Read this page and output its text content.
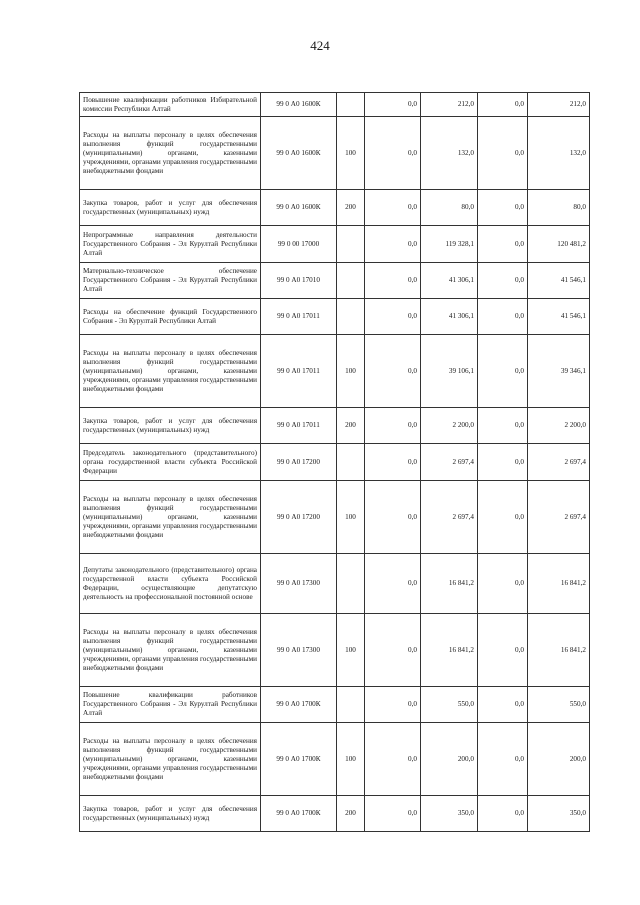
424
Повышение квалификации работников Избирательной комиссии Республики Алтай	99 0 А0 1600К		0,0	212,0	0,0	212,0
Расходы на выплаты персоналу в целях обеспечения выполнения функций государственными (муниципальными) органами, казенными учреждениями, органами управления государственными внебюджетными фондами	99 0 А0 1600К	100	0,0	132,0	0,0	132,0
Закупка товаров, работ и услуг для обеспечения государственных (муниципальных) нужд	99 0 А0 1600К	200	0,0	80,0	0,0	80,0
Непрограммные направления деятельности Государственного Собрания - Эл Курултай Республики Алтай	99 0 00 17000		0,0	119 328,1	0,0	120 481,2
Материально-техническое обеспечение Государственного Собрания - Эл Курултай Республики Алтай	99 0 А0 17010		0,0	41 306,1	0,0	41 546,1
Расходы на обеспечение функций Государственного Собрания - Эл Курултай Республики Алтай	99 0 А0 17011		0,0	41 306,1	0,0	41 546,1
Расходы на выплаты персоналу в целях обеспечения выполнения функций государственными (муниципальными) органами, казенными учреждениями, органами управления государственными внебюджетными фондами	99 0 А0 17011	100	0,0	39 106,1	0,0	39 346,1
Закупка товаров, работ и услуг для обеспечения государственных (муниципальных) нужд	99 0 А0 17011	200	0,0	2 200,0	0,0	2 200,0
Председатель законодательного (представительного) органа государственной власти субъекта Российской Федерации	99 0 А0 17200		0,0	2 697,4	0,0	2 697,4
Расходы на выплаты персоналу в целях обеспечения выполнения функций государственными (муниципальными) органами, казенными учреждениями, органами управления государственными внебюджетными фондами	99 0 А0 17200	100	0,0	2 697,4	0,0	2 697,4
Депутаты законодательного (представительного) органа государственной власти субъекта Российской Федерации, осуществляющие депутатскую деятельность на профессиональной постоянной основе	99 0 А0 17300		0,0	16 841,2	0,0	16 841,2
Расходы на выплаты персоналу в целях обеспечения выполнения функций государственными (муниципальными) органами, казенными учреждениями, органами управления государственными внебюджетными фондами	99 0 А0 17300	100	0,0	16 841,2	0,0	16 841,2
Повышение квалификации работников Государственного Собрания - Эл Курултай Республики Алтай	99 0 А0 1700К		0,0	550,0	0,0	550,0
Расходы на выплаты персоналу в целях обеспечения выполнения функций государственными (муниципальными) органами, казенными учреждениями, органами управления государственными внебюджетными фондами	99 0 А0 1700К	100	0,0	200,0	0,0	200,0
Закупка товаров, работ и услуг для обеспечения государственных (муниципальных) нужд	99 0 А0 1700К	200	0,0	350,0	0,0	350,0
